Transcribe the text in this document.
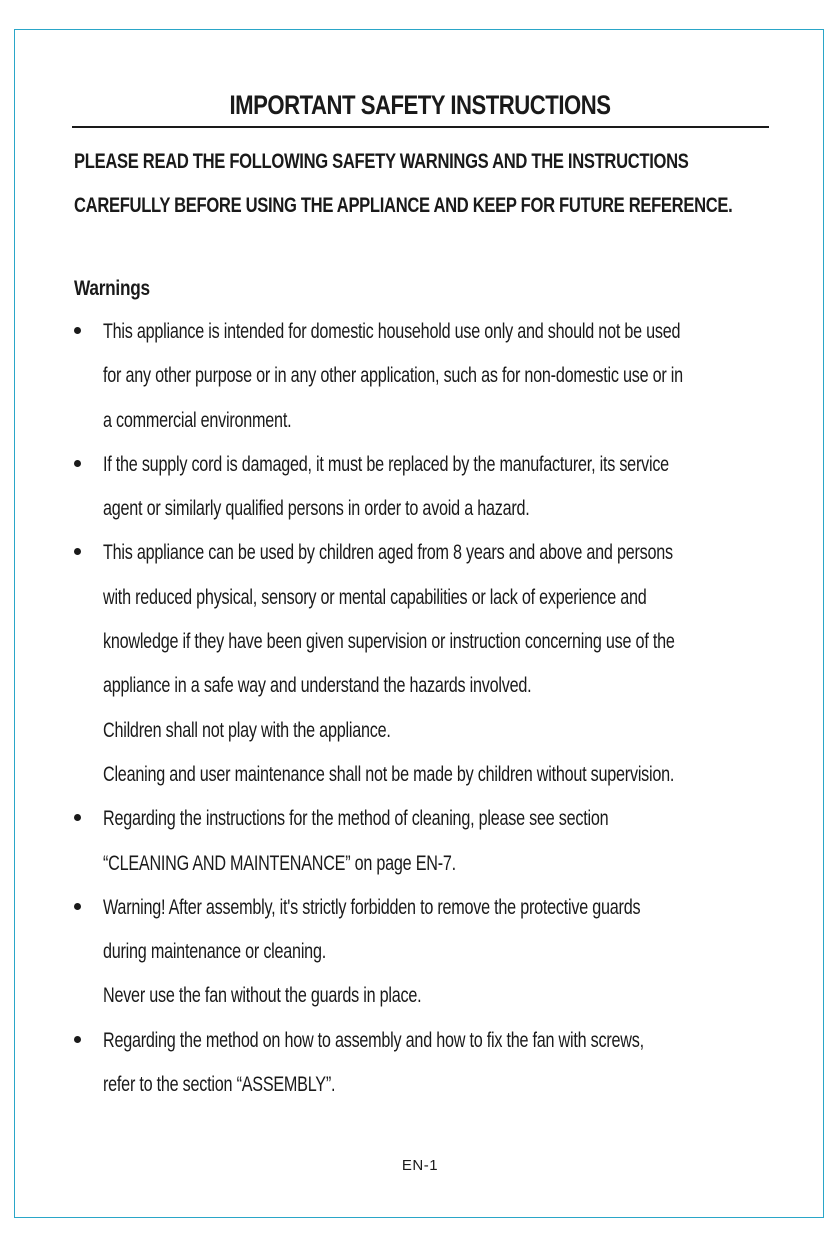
IMPORTANT SAFETY INSTRUCTIONS

PLEASE READ THE FOLLOWING SAFETY WARNINGS AND THE INSTRUCTIONS
CAREFULLY BEFORE USING THE APPLIANCE AND KEEP FOR FUTURE REFERENCE.

Warnings
This appliance is intended for domestic household use only and should not be used
for any other purpose or in any other application, such as for non-domestic use or in
a commercial environment.
If the supply cord is damaged, it must be replaced by the manufacturer, its service
agent or similarly qualified persons in order to avoid a hazard.
This appliance can be used by children aged from 8 years and above and persons
with reduced physical, sensory or mental capabilities or lack of experience and
knowledge if they have been given supervision or instruction concerning use of the
appliance in a safe way and understand the hazards involved.
Children shall not play with the appliance.
Cleaning and user maintenance shall not be made by children without supervision.
Regarding the instructions for the method of cleaning, please see section
“CLEANING AND MAINTENANCE” on page EN-7.
Warning! After assembly, it's strictly forbidden to remove the protective guards
during maintenance or cleaning.
Never use the fan without the guards in place.
Regarding the method on how to assembly and how to fix the fan with screws,
refer to the section “ASSEMBLY”.
EN-1
